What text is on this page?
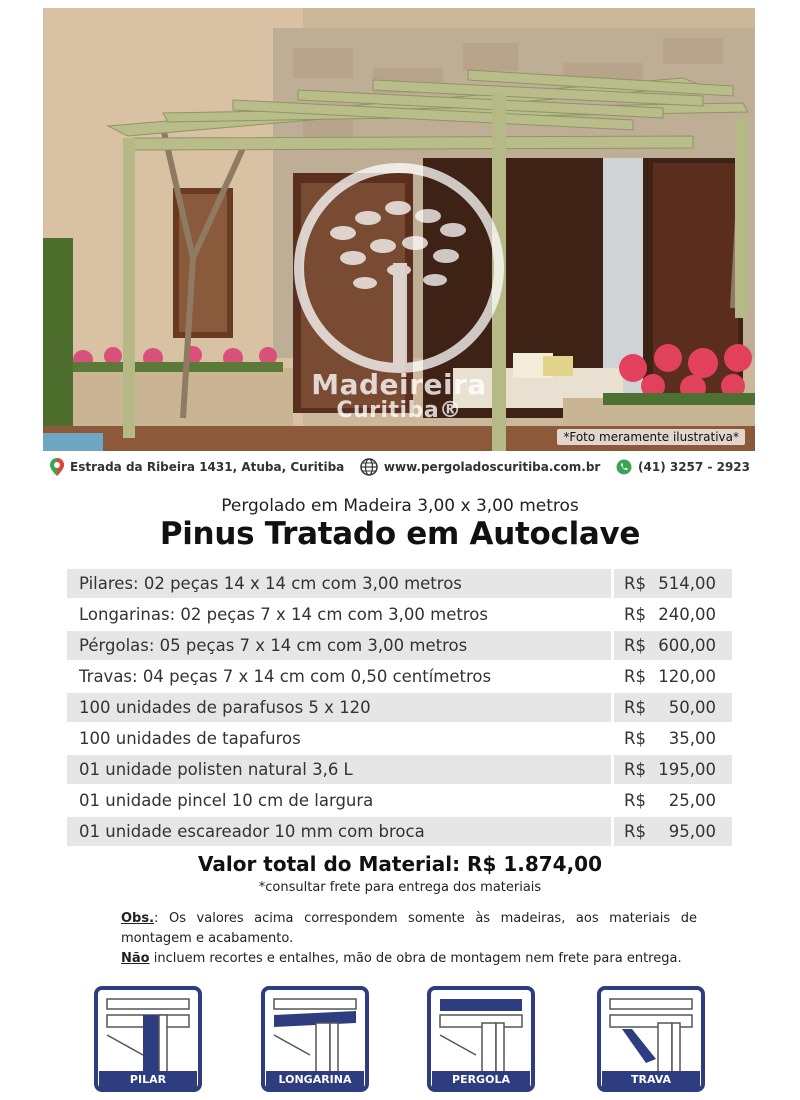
Madeireira
Curitiba®
*Foto meramente ilustrativa*
Estrada da Ribeira 1431, Atuba, Curitiba	www.pergoladoscuritiba.com.br	(41) 3257 - 2923
Pergolado em Madeira 3,00 x 3,00 metros
Pinus Tratado em Autoclave
Pilares: 02 peças 14 x 14 cm com 3,00 metros	R$ 514,00
Longarinas: 02 peças 7 x 14 cm com 3,00 metros	R$ 240,00
Pérgolas: 05 peças 7 x 14 cm com 3,00 metros	R$ 600,00
Travas: 04 peças 7 x 14 cm com 0,50 centímetros	R$ 120,00
100 unidades de parafusos 5 x 120	R$ 50,00
100 unidades de tapafuros	R$ 35,00
01 unidade polisten natural 3,6 L	R$ 195,00
01 unidade pincel 10 cm de largura	R$ 25,00
01 unidade escareador 10 mm com broca	R$ 95,00
Valor total do Material: R$ 1.874,00
*consultar frete para entrega dos materiais
Obs.: Os valores acima correspondem somente às madeiras, aos materiais de montagem e acabamento.
Não incluem recortes e entalhes, mão de obra de montagem nem frete para entrega.
PILAR	LONGARINA	PERGOLA	TRAVA
